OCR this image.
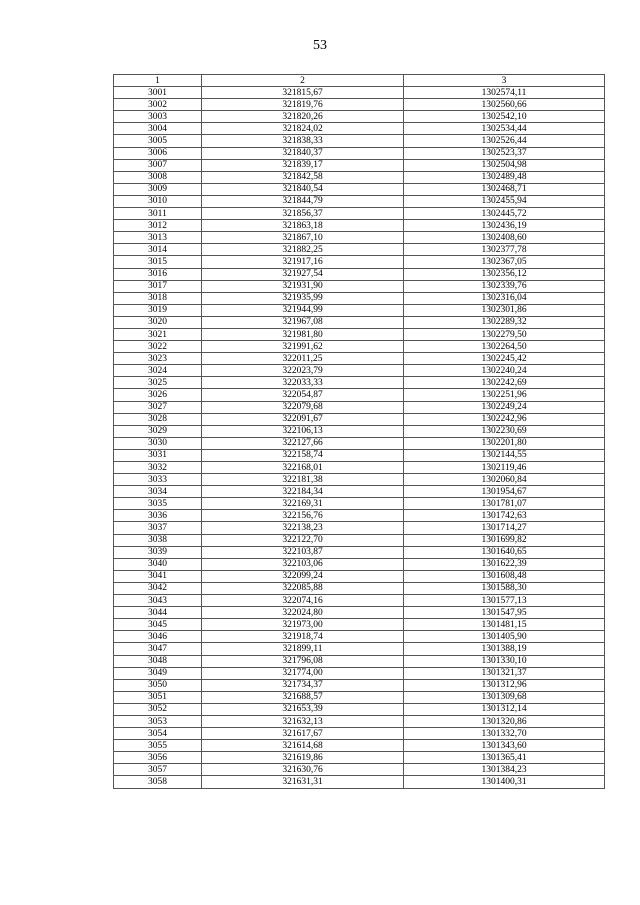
53
1	2	3
3001	321815,67	1302574,11
3002	321819,76	1302560,66
3003	321820,26	1302542,10
3004	321824,02	1302534,44
3005	321838,33	1302526,44
3006	321840,37	1302523,37
3007	321839,17	1302504,98
3008	321842,58	1302489,48
3009	321840,54	1302468,71
3010	321844,79	1302455,94
3011	321856,37	1302445,72
3012	321863,18	1302436,19
3013	321867,10	1302408,60
3014	321882,25	1302377,78
3015	321917,16	1302367,05
3016	321927,54	1302356,12
3017	321931,90	1302339,76
3018	321935,99	1302316,04
3019	321944,99	1302301,86
3020	321967,08	1302289,32
3021	321981,80	1302279,50
3022	321991,62	1302264,50
3023	322011,25	1302245,42
3024	322023,79	1302240,24
3025	322033,33	1302242,69
3026	322054,87	1302251,96
3027	322079,68	1302249,24
3028	322091,67	1302242,96
3029	322106,13	1302230,69
3030	322127,66	1302201,80
3031	322158,74	1302144,55
3032	322168,01	1302119,46
3033	322181,38	1302060,84
3034	322184,34	1301954,67
3035	322169,31	1301781,07
3036	322156,76	1301742,63
3037	322138,23	1301714,27
3038	322122,70	1301699,82
3039	322103,87	1301640,65
3040	322103,06	1301622,39
3041	322099,24	1301608,48
3042	322085,88	1301588,30
3043	322074,16	1301577,13
3044	322024,80	1301547,95
3045	321973,00	1301481,15
3046	321918,74	1301405,90
3047	321899,11	1301388,19
3048	321796,08	1301330,10
3049	321774,00	1301321,37
3050	321734,37	1301312,96
3051	321688,57	1301309,68
3052	321653,39	1301312,14
3053	321632,13	1301320,86
3054	321617,67	1301332,70
3055	321614,68	1301343,60
3056	321619,86	1301365,41
3057	321630,76	1301384,23
3058	321631,31	1301400,31
